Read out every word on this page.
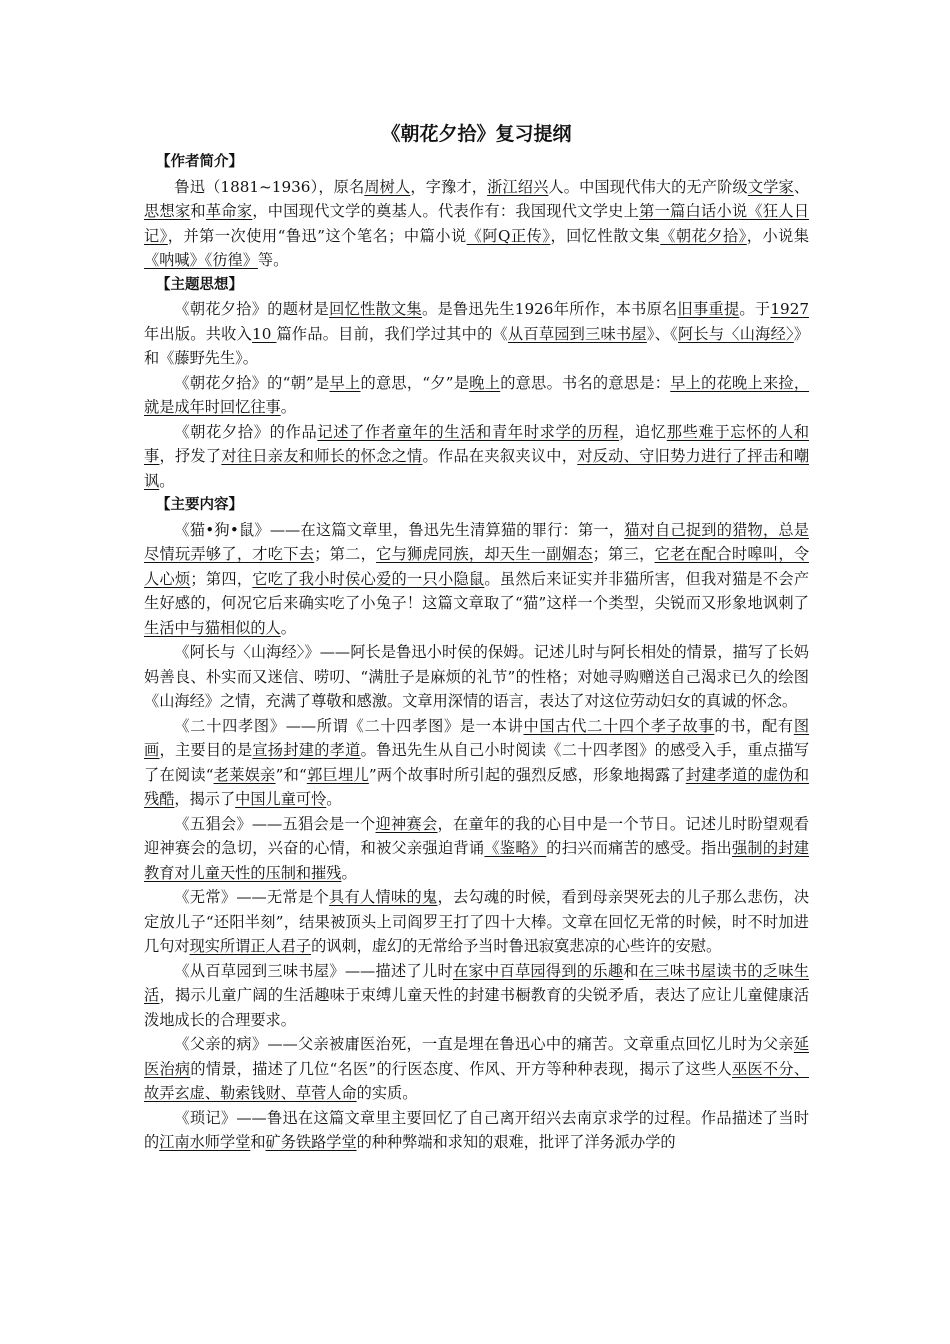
《朝花夕拾》复习提纲
【作者简介】

鲁迅（1881~1936），原名周树人，字豫才，浙江绍兴人。中国现代伟大的无产阶级文学家、思想家和革命家，中国现代文学的奠基人。代表作有：我国现代文学史上第一篇白话小说《狂人日记》，并第一次使用“鲁迅”这个笔名；中篇小说《阿Q正传》，回忆性散文集《朝花夕拾》，小说集《呐喊》《彷徨》等。

【主题思想】

《朝花夕拾》的题材是回忆性散文集。是鲁迅先生1926年所作，本书原名旧事重提。于1927 年出版。共收入10 篇作品。目前，我们学过其中的《从百草园到三味书屋》、《阿长与〈山海经〉》和《藤野先生》。

《朝花夕拾》的“朝”是早上的意思，“夕”是晚上的意思。书名的意思是：早上的花晚上来捡，就是成年时回忆往事。

《朝花夕拾》的作品记述了作者童年的生活和青年时求学的历程，追忆那些难于忘怀的人和事，抒发了对往日亲友和师长的怀念之情。作品在夹叙夹议中，对反动、守旧势力进行了抨击和嘲讽。

【主要内容】

《猫•狗•鼠》——在这篇文章里，鲁迅先生清算猫的罪行：第一，猫对自己捉到的猎物，总是尽情玩弄够了，才吃下去；第二，它与狮虎同族，却天生一副媚态；第三，它老在配合时嗥叫，令人心烦；第四，它吃了我小时侯心爱的一只小隐鼠。虽然后来证实并非猫所害，但我对猫是不会产生好感的，何况它后来确实吃了小兔子！这篇文章取了“猫”这样一个类型，尖锐而又形象地讽刺了生活中与猫相似的人。

《阿长与〈山海经〉》——阿长是鲁迅小时侯的保姆。记述儿时与阿长相处的情景，描写了长妈妈善良、朴实而又迷信、唠叨、“满肚子是麻烦的礼节”的性格；对她寻购赠送自己渴求已久的绘图《山海经》之情，充满了尊敬和感激。文章用深情的语言，表达了对这位劳动妇女的真诚的怀念。

《二十四孝图》——所谓《二十四孝图》是一本讲中国古代二十四个孝子故事的书，配有图画，主要目的是宣扬封建的孝道。鲁迅先生从自己小时阅读《二十四孝图》的感受入手，重点描写了在阅读“老莱娱亲”和“郭巨埋儿”两个故事时所引起的强烈反感，形象地揭露了封建孝道的虚伪和残酷，揭示了中国儿童可怜。

《五猖会》——五猖会是一个迎神赛会，在童年的我的心目中是一个节日。记述儿时盼望观看迎神赛会的急切，兴奋的心情，和被父亲强迫背诵《鉴略》的扫兴而痛苦的感受。指出强制的封建教育对儿童天性的压制和摧残。

《无常》——无常是个具有人情味的鬼，去勾魂的时候，看到母亲哭死去的儿子那么悲伤，决定放儿子“还阳半刻”，结果被顶头上司阎罗王打了四十大棒。文章在回忆无常的时候，时不时加进几句对现实所谓正人君子的讽刺，虚幻的无常给予当时鲁迅寂寞悲凉的心些许的安慰。

《从百草园到三味书屋》——描述了儿时在家中百草园得到的乐趣和在三味书屋读书的乏味生活，揭示儿童广阔的生活趣味于束缚儿童天性的封建书橱教育的尖锐矛盾，表达了应让儿童健康活泼地成长的合理要求。

《父亲的病》——父亲被庸医治死，一直是埋在鲁迅心中的痛苦。文章重点回忆儿时为父亲延医治病的情景，描述了几位“名医”的行医态度、作风、开方等种种表现，揭示了这些人巫医不分、故弄玄虚、勒索钱财、草菅人命的实质。

《琐记》——鲁迅在这篇文章里主要回忆了自己离开绍兴去南京求学的过程。作品描述了当时的江南水师学堂和矿务铁路学堂的种种弊端和求知的艰难，批评了洋务派办学的
